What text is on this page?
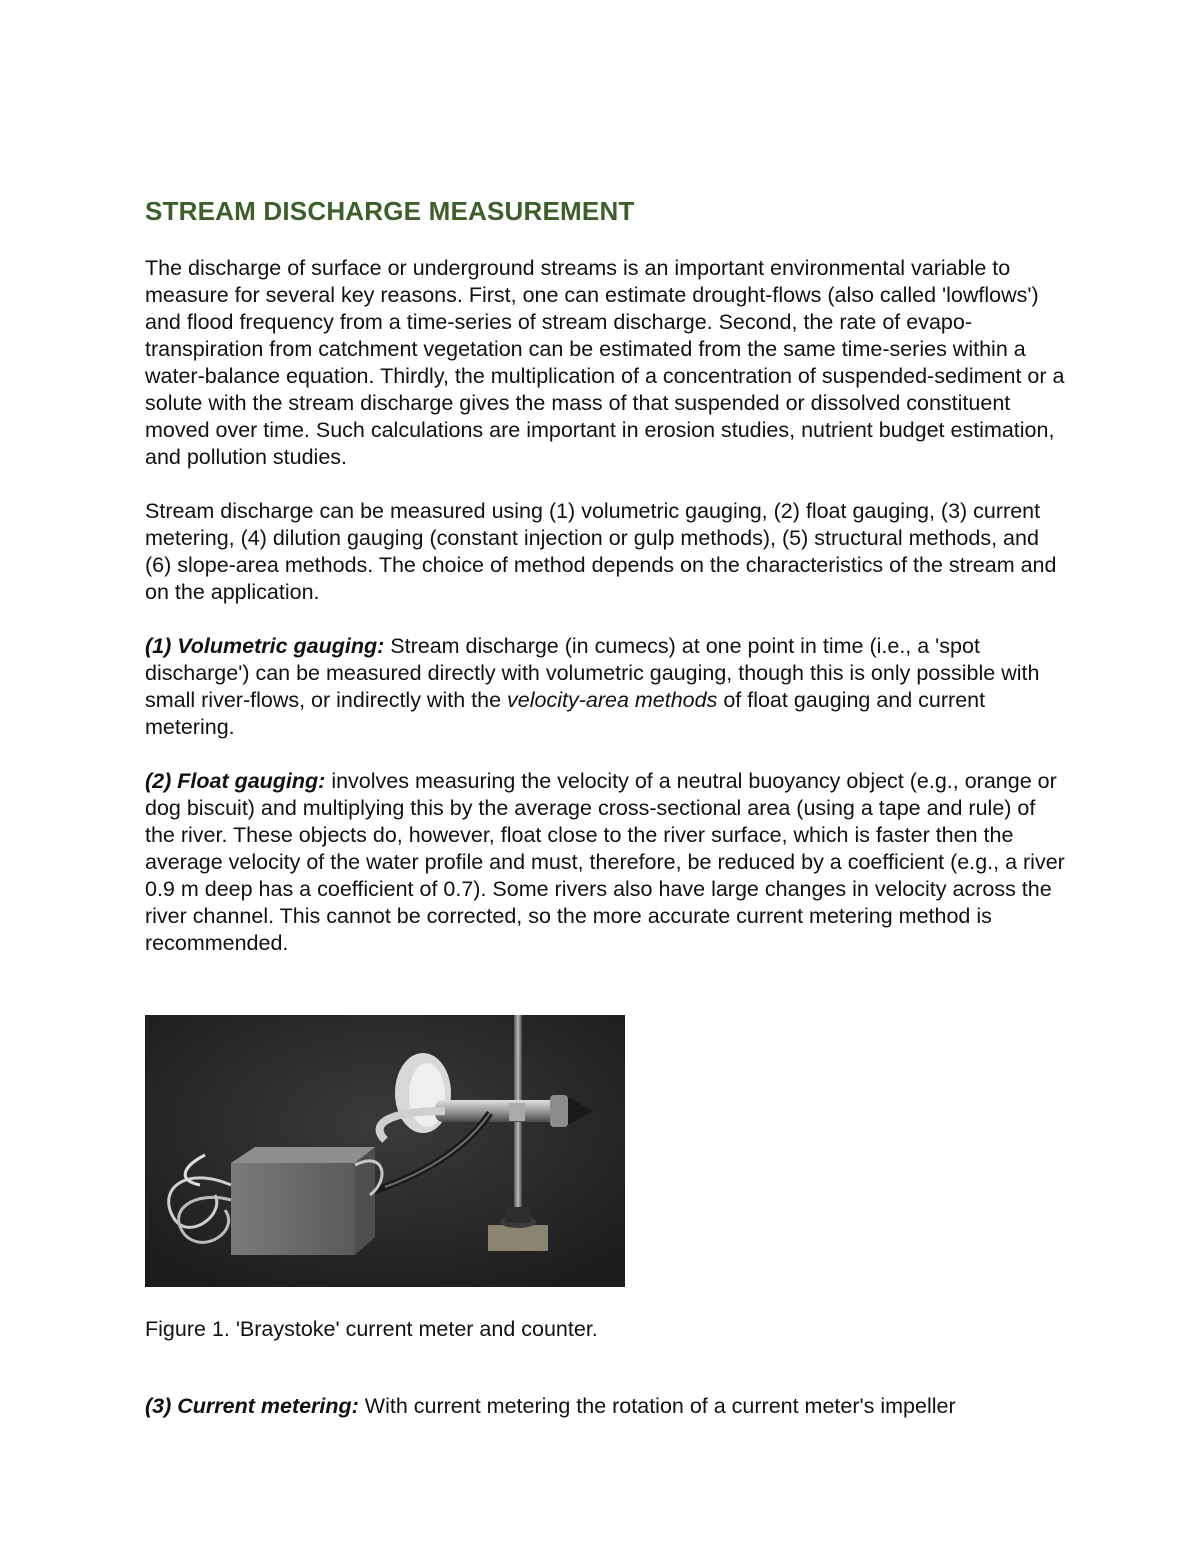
STREAM DISCHARGE MEASUREMENT

The discharge of surface or underground streams is an important environmental variable to measure for several key reasons. First, one can estimate drought-flows (also called 'lowflows') and flood frequency from a time-series of stream discharge. Second, the rate of evapo-transpiration from catchment vegetation can be estimated from the same time-series within a water-balance equation. Thirdly, the multiplication of a concentration of suspended-sediment or a solute with the stream discharge gives the mass of that suspended or dissolved constituent moved over time. Such calculations are important in erosion studies, nutrient budget estimation, and pollution studies.

Stream discharge can be measured using (1) volumetric gauging, (2) float gauging, (3) current metering, (4) dilution gauging (constant injection or gulp methods), (5) structural methods, and (6) slope-area methods. The choice of method depends on the characteristics of the stream and on the application.

(1) Volumetric gauging: Stream discharge (in cumecs) at one point in time (i.e., a 'spot discharge') can be measured directly with volumetric gauging, though this is only possible with small river-flows, or indirectly with the velocity-area methods of float gauging and current metering.

(2) Float gauging: involves measuring the velocity of a neutral buoyancy object (e.g., orange or dog biscuit) and multiplying this by the average cross-sectional area (using a tape and rule) of the river. These objects do, however, float close to the river surface, which is faster then the average velocity of the water profile and must, therefore, be reduced by a coefficient (e.g., a river 0.9 m deep has a coefficient of 0.7). Some rivers also have large changes in velocity across the river channel. This cannot be corrected, so the more accurate current metering method is recommended.

Figure 1. 'Braystoke' current meter and counter.

(3) Current metering: With current metering the rotation of a current meter's impeller
